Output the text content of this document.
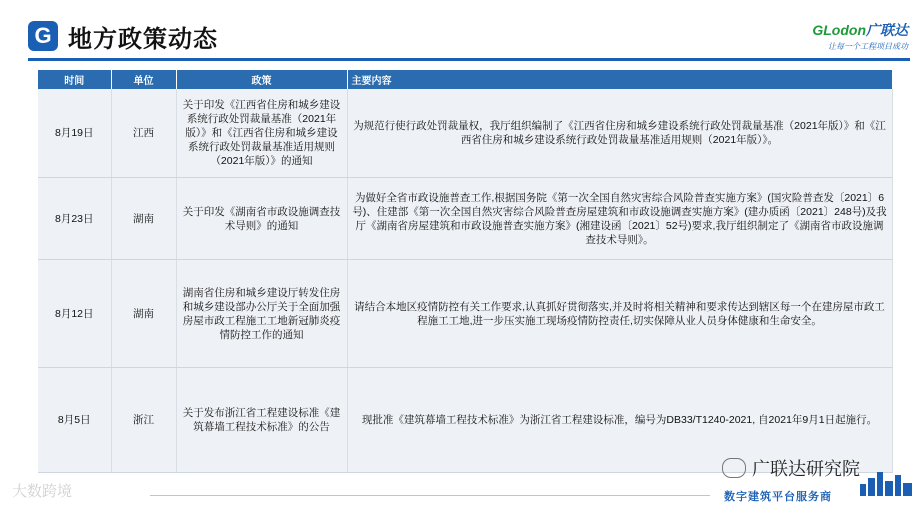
G 地方政策动态	GLodon广联达
让每一个工程项目成功
时间	单位	政策	主要内容
8月19日	江西	关于印发《江西省住房和城乡建设系统行政处罚裁量基准（2021年版）》和《江西省住房和城乡建设系统行政处罚裁量基准适用规则（2021年版）》的通知	为规范行使行政处罚裁量权，我厅组织编制了《江西省住房和城乡建设系统行政处罚裁量基准（2021年版）》和《江西省住房和城乡建设系统行政处罚裁量基准适用规则（2021年版）》。
8月23日	湖南	关于印发《湖南省市政设施调查技术导则》的通知	为做好全省市政设施普查工作,根据国务院《第一次全国自然灾害综合风险普查实施方案》(国灾险普查发〔2021〕6号)、住建部《第一次全国自然灾害综合风险普查房屋建筑和市政设施调查实施方案》(建办质函〔2021〕248号)及我厅《湖南省房屋建筑和市政设施普查实施方案》(湘建设函〔2021〕52号)要求,我厅组织制定了《湖南省市政设施调查技术导则》。
8月12日	湖南	湖南省住房和城乡建设厅转发住房和城乡建设部办公厅关于全面加强房屋市政工程施工工地新冠肺炎疫情防控工作的通知	请结合本地区疫情防控有关工作要求,认真抓好贯彻落实,并及时将相关精神和要求传达到辖区每一个在建房屋市政工程施工工地,进一步压实施工现场疫情防控责任,切实保障从业人员身体健康和生命安全。
8月5日	浙江	关于发布浙江省工程建设标准《建筑幕墙工程技术标准》的公告	现批准《建筑幕墙工程技术标准》为浙江省工程建设标准，编号为DB33/T1240-2021, 自2021年9月1日起施行。
大数跨境
广联达研究院
数字建筑平台服务商
